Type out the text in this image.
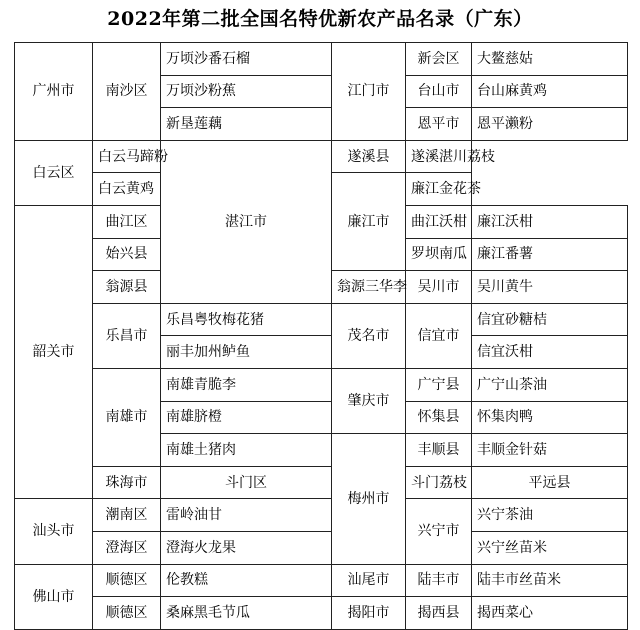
2022年第二批全国名特优新农产品名录（广东）
广州市	南沙区	万顷沙番石榴	江门市	新会区	大鳌慈姑	
		万顷沙粉蕉		台山市	台山麻黄鸡	
		新垦莲藕		恩平市	恩平濑粉	
白云区	白云马蹄粉	湛江市	遂溪县	遂溪湛川荔枝		
	白云黄鸡		廉江市	廉江金花茶		
韶关市	曲江区			曲江沃柑	廉江沃柑	
	始兴县			罗坝南瓜	廉江番薯	
	翁源县		翁源三华李	吴川市	吴川黄牛	
	乐昌市	乐昌粤牧梅花猪	茂名市	信宜市	信宜砂糖桔	
		丽丰加州鲈鱼			信宜沃柑	
	南雄市	南雄青脆李	肇庆市	广宁县	广宁山茶油	
		南雄脐橙		怀集县	怀集肉鸭	
		南雄土猪肉	梅州市	丰顺县	丰顺金针菇	
	珠海市	斗门区		斗门荔枝	平远县	
汕头市	潮南区	雷岭油甘		兴宁市	兴宁茶油	
	澄海区	澄海火龙果			兴宁丝苗米	
佛山市	顺德区	伦教糕	汕尾市	陆丰市	陆丰市丝苗米	
	顺德区	桑麻黑毛节瓜	揭阳市	揭西县	揭西菜心	
